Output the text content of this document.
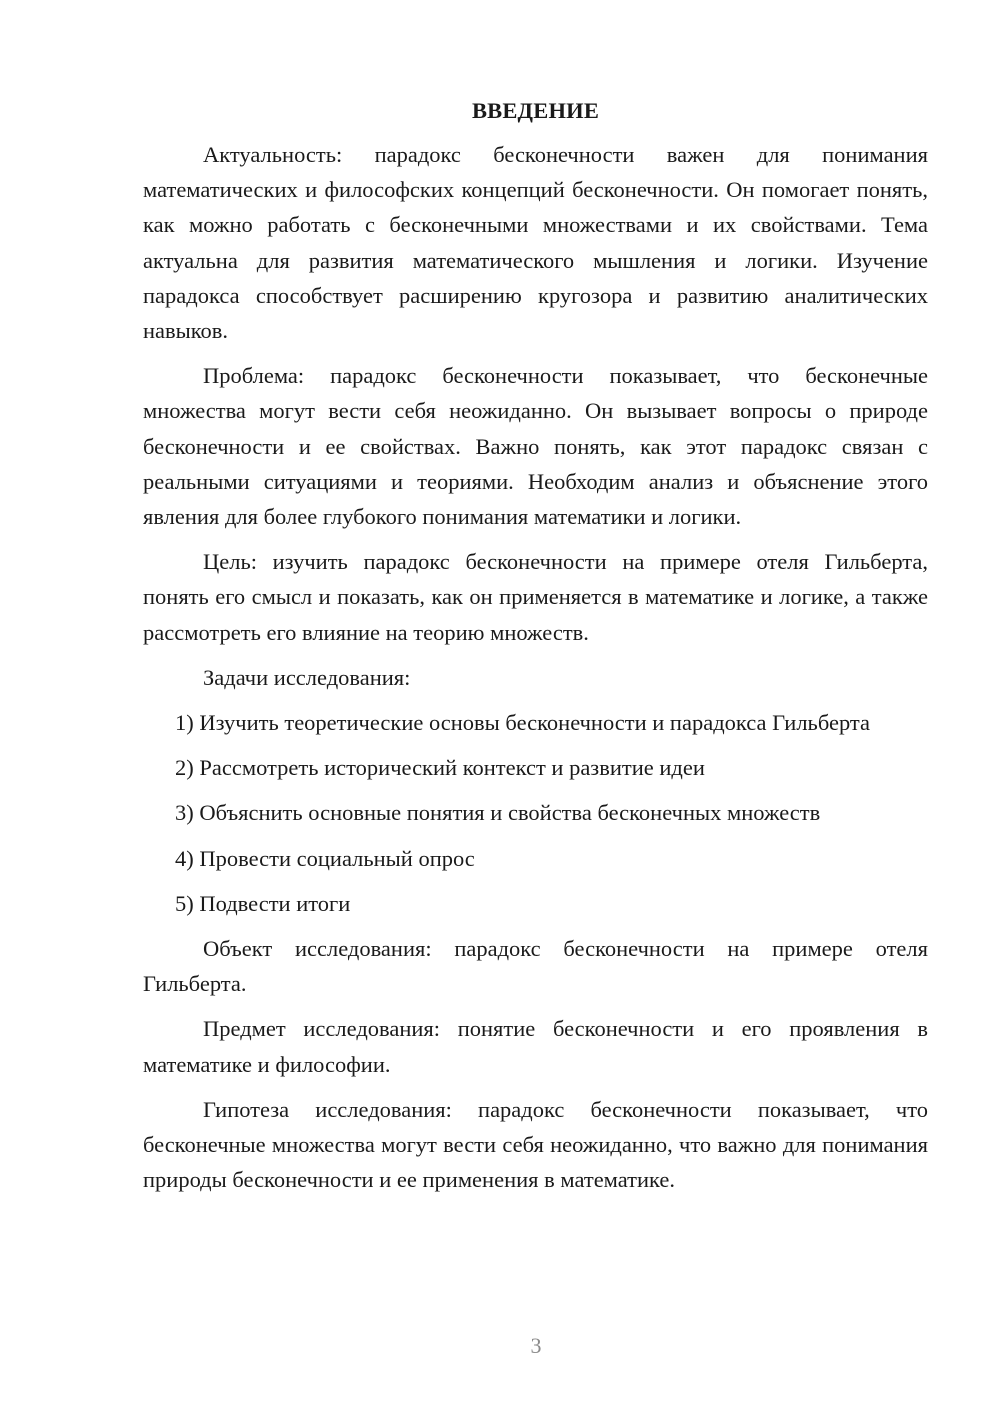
ВВЕДЕНИЕ

Актуальность: парадокс бесконечности важен для понимания математических и философских концепций бесконечности. Он помогает понять, как можно работать с бесконечными множествами и их свойствами. Тема актуальна для развития математического мышления и логики. Изучение парадокса способствует расширению кругозора и развитию аналитических навыков.

Проблема: парадокс бесконечности показывает, что бесконечные множества могут вести себя неожиданно. Он вызывает вопросы о природе бесконечности и ее свойствах. Важно понять, как этот парадокс связан с реальными ситуациями и теориями. Необходим анализ и объяснение этого явления для более глубокого понимания математики и логики.

Цель: изучить парадокс бесконечности на примере отеля Гильберта, понять его смысл и показать, как он применяется в математике и логике, а также рассмотреть его влияние на теорию множеств.

Задачи исследования:

1) Изучить теоретические основы бесконечности и парадокса Гильберта

2) Рассмотреть исторический контекст и развитие идеи

3) Объяснить основные понятия и свойства бесконечных множеств

4) Провести социальный опрос

5) Подвести итоги

Объект исследования: парадокс бесконечности на примере отеля Гильберта.

Предмет исследования: понятие бесконечности и его проявления в математике и философии.

Гипотеза исследования: парадокс бесконечности показывает, что бесконечные множества могут вести себя неожиданно, что важно для понимания природы бесконечности и ее применения в математике.

3
